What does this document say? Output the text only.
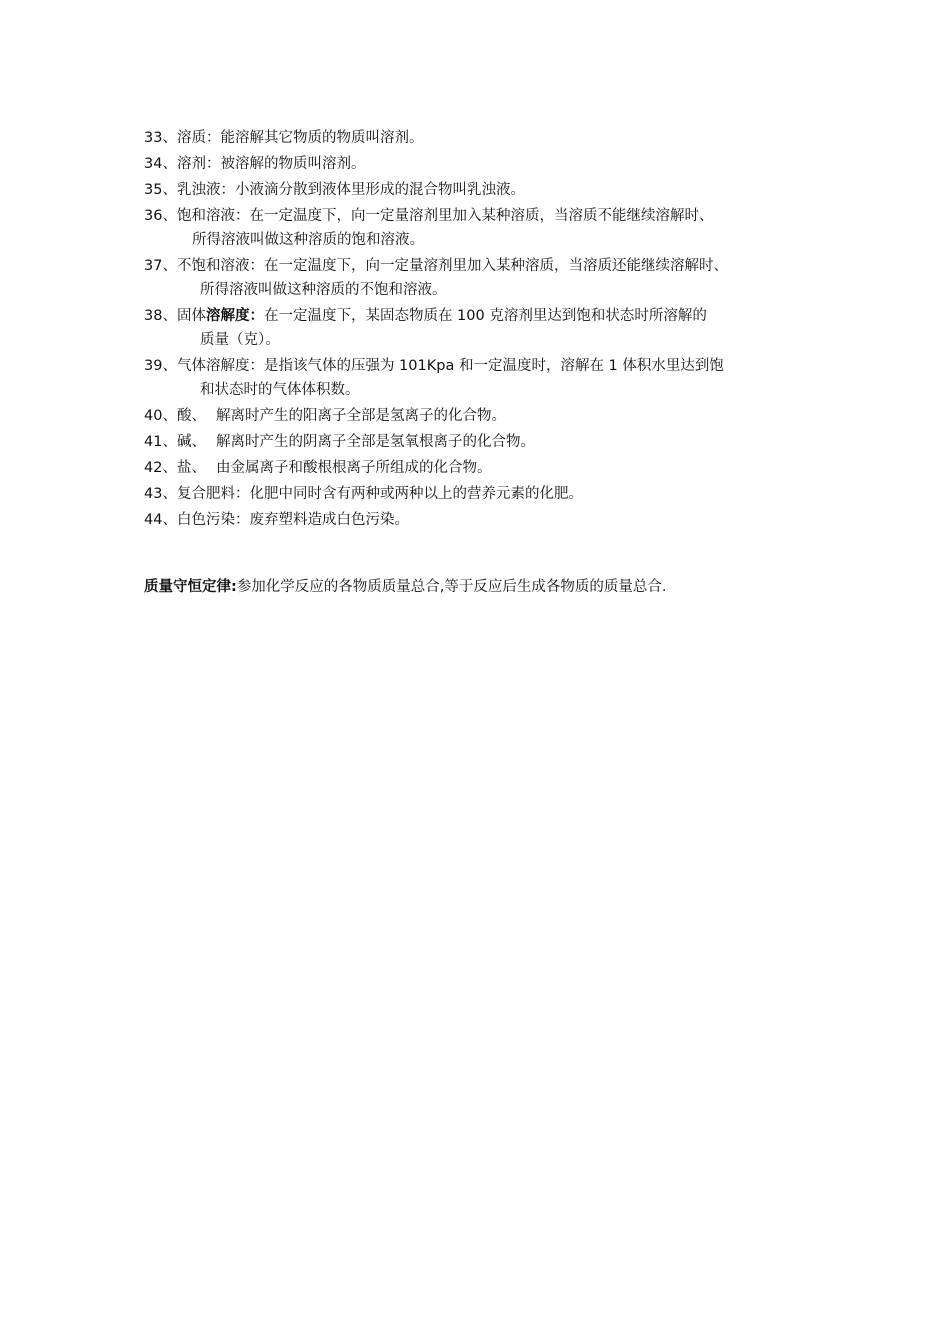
33、溶质：能溶解其它物质的物质叫溶剂。
34、溶剂：被溶解的物质叫溶剂。
35、乳浊液：小液滴分散到液体里形成的混合物叫乳浊液。
36、饱和溶液：在一定温度下，向一定量溶剂里加入某种溶质，当溶质不能继续溶解时、
所得溶液叫做这种溶质的饱和溶液。
37、不饱和溶液：在一定温度下，向一定量溶剂里加入某种溶质，当溶质还能继续溶解时、
所得溶液叫做这种溶质的不饱和溶液。
38、固体溶解度：在一定温度下，某固态物质在 100 克溶剂里达到饱和状态时所溶解的
质量（克）。
39、气体溶解度：是指该气体的压强为 101Kpa 和一定温度时，溶解在 1 体积水里达到饱
和状态时的气体体积数。
40、酸、 解离时产生的阳离子全部是氢离子的化合物。
41、碱、 解离时产生的阴离子全部是氢氧根离子的化合物。
42、盐、 由金属离子和酸根根离子所组成的化合物。
43、复合肥料：化肥中同时含有两种或两种以上的营养元素的化肥。
44、白色污染：废弃塑料造成白色污染。
质量守恒定律:参加化学反应的各物质质量总合,等于反应后生成各物质的质量总合.
